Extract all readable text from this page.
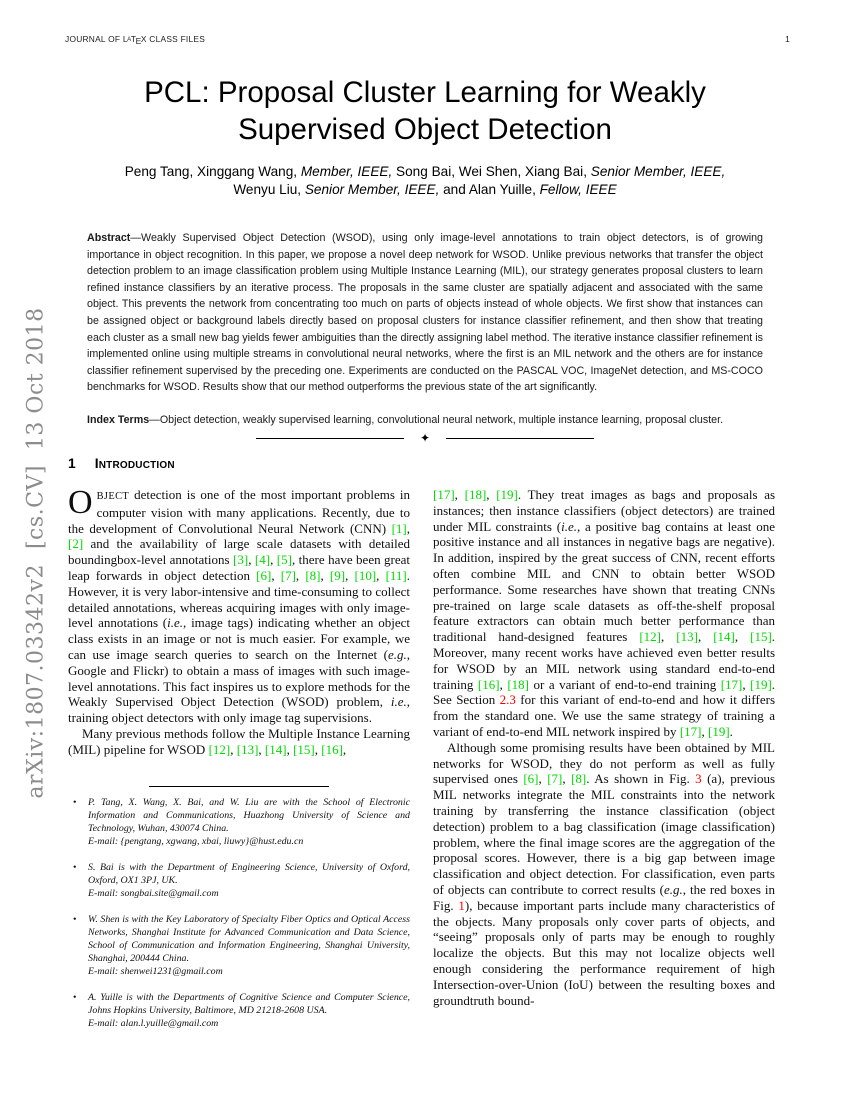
arXiv:1807.03342v2  [cs.CV]  13 Oct 2018
JOURNAL OF LATEX CLASS FILES	1
PCL: Proposal Cluster Learning for Weakly
Supervised Object Detection
Peng Tang, Xinggang Wang, Member, IEEE, Song Bai, Wei Shen, Xiang Bai, Senior Member, IEEE,
Wenyu Liu, Senior Member, IEEE, and Alan Yuille, Fellow, IEEE

Abstract—Weakly Supervised Object Detection (WSOD), using only image-level annotations to train object detectors, is of growing importance in object recognition. In this paper, we propose a novel deep network for WSOD. Unlike previous networks that transfer the object detection problem to an image classification problem using Multiple Instance Learning (MIL), our strategy generates proposal clusters to learn refined instance classifiers by an iterative process. The proposals in the same cluster are spatially adjacent and associated with the same object. This prevents the network from concentrating too much on parts of objects instead of whole objects. We first show that instances can be assigned object or background labels directly based on proposal clusters for instance classifier refinement, and then show that treating each cluster as a small new bag yields fewer ambiguities than the directly assigning label method. The iterative instance classifier refinement is implemented online using multiple streams in convolutional neural networks, where the first is an MIL network and the others are for instance classifier refinement supervised by the preceding one. Experiments are conducted on the PASCAL VOC, ImageNet detection, and MS-COCO benchmarks for WSOD. Results show that our method outperforms the previous state of the art significantly.

Index Terms—Object detection, weakly supervised learning, convolutional neural network, multiple instance learning, proposal cluster.

✦
1 Introduction

OBJECT detection is one of the most important problems in computer vision with many applications. Recently, due to the development of Convolutional Neural Network (CNN) [1], [2] and the availability of large scale datasets with detailed boundingbox-level annotations [3], [4], [5], there have been great leap forwards in object detection [6], [7], [8], [9], [10], [11]. However, it is very labor-intensive and time-consuming to collect detailed annotations, whereas acquiring images with only image-level annotations (i.e., image tags) indicating whether an object class exists in an image or not is much easier. For example, we can use image search queries to search on the Internet (e.g., Google and Flickr) to obtain a mass of images with such image-level annotations. This fact inspires us to explore methods for the Weakly Supervised Object Detection (WSOD) problem, i.e., training object detectors with only image tag supervisions.

Many previous methods follow the Multiple Instance Learning (MIL) pipeline for WSOD [12], [13], [14], [15], [16],

[17], [18], [19]. They treat images as bags and proposals as instances; then instance classifiers (object detectors) are trained under MIL constraints (i.e., a positive bag contains at least one positive instance and all instances in negative bags are negative). In addition, inspired by the great success of CNN, recent efforts often combine MIL and CNN to obtain better WSOD performance. Some researches have shown that treating CNNs pre-trained on large scale datasets as off-the-shelf proposal feature extractors can obtain much better performance than traditional hand-designed features [12], [13], [14], [15]. Moreover, many recent works have achieved even better results for WSOD by an MIL network using standard end-to-end training [16], [18] or a variant of end-to-end training [17], [19]. See Section 2.3 for this variant of end-to-end and how it differs from the standard one. We use the same strategy of training a variant of end-to-end MIL network inspired by [17], [19].

Although some promising results have been obtained by MIL networks for WSOD, they do not perform as well as fully supervised ones [6], [7], [8]. As shown in Fig. 3 (a), previous MIL networks integrate the MIL constraints into the network training by transferring the instance classification (object detection) problem to a bag classification (image classification) problem, where the final image scores are the aggregation of the proposal scores. However, there is a big gap between image classification and object detection. For classification, even parts of objects can contribute to correct results (e.g., the red boxes in Fig. 1), because important parts include many characteristics of the objects. Many proposals only cover parts of objects, and “seeing” proposals only of parts may be enough to roughly localize the objects. But this may not localize objects well enough considering the performance requirement of high Intersection-over-Union (IoU) between the resulting boxes and groundtruth bound-

• P. Tang, X. Wang, X. Bai, and W. Liu are with the School of Electronic Information and Communications, Huazhong University of Science and Technology, Wuhan, 430074 China.
E-mail: {pengtang, xgwang, xbai, liuwy}@hust.edu.cn
• S. Bai is with the Department of Engineering Science, University of Oxford, Oxford, OX1 3PJ, UK.
E-mail: songbai.site@gmail.com
• W. Shen is with the Key Laboratory of Specialty Fiber Optics and Optical Access Networks, Shanghai Institute for Advanced Communication and Data Science, School of Communication and Information Engineering, Shanghai University, Shanghai, 200444 China.
E-mail: shenwei1231@gmail.com
• A. Yuille is with the Departments of Cognitive Science and Computer Science, Johns Hopkins University, Baltimore, MD 21218-2608 USA.
E-mail: alan.l.yuille@gmail.com
